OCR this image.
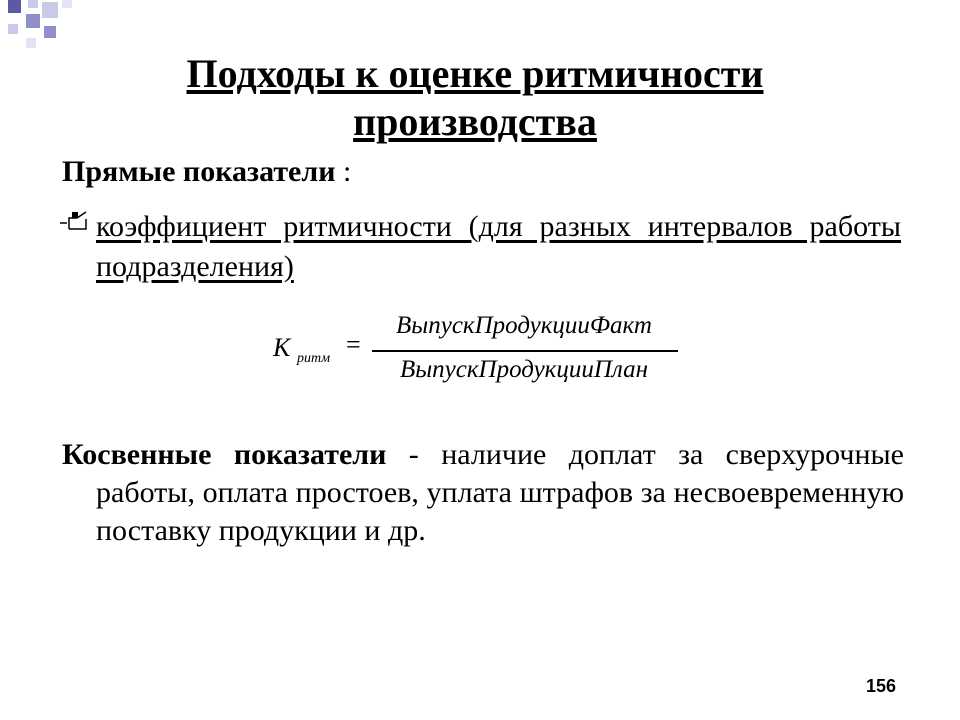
Подходы к оценке ритмичности
производства
Прямые показатели :
коэффициент ритмичности (для разных интервалов работы подразделения)
K ритм =
ВыпускПродукцииФакт
ВыпускПродукцииПлан
Косвенные показатели - наличие доплат за сверхурочные работы, оплата простоев, уплата штрафов за несвоевременную поставку продукции и др.
156
